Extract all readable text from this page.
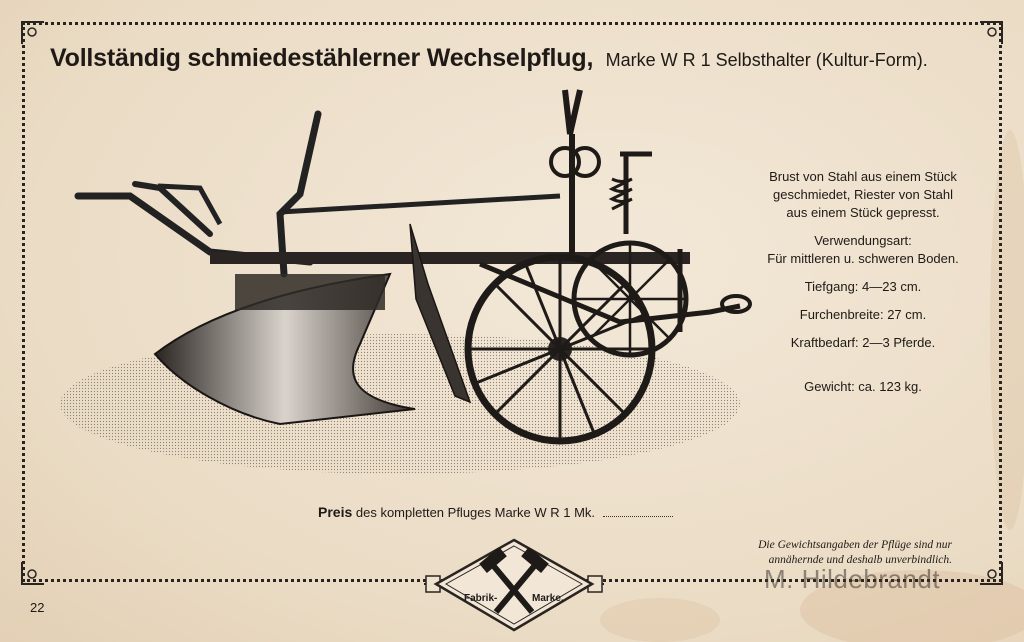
Vollständig schmiedestählerner Wechselpflug, Marke W R 1 Selbsthalter (Kultur-Form).

Brust von Stahl aus einem Stück

geschmiedet, Riester von Stahl

aus einem Stück gepresst.

Verwendungsart:

Für mittleren u. schweren Boden.

Tiefgang: 4—23 cm.

Furchenbreite: 27 cm.

Kraftbedarf: 2—3 Pferde.

Gewicht: ca. 123 kg.

Preis des kompletten Pfluges Marke W R 1 Mk.
Die Gewichtsangaben der Pflüge sind nur
annähernde und deshalb unverbindlich.
Fabrik-	Marke.
22
M. Hildebrandt
